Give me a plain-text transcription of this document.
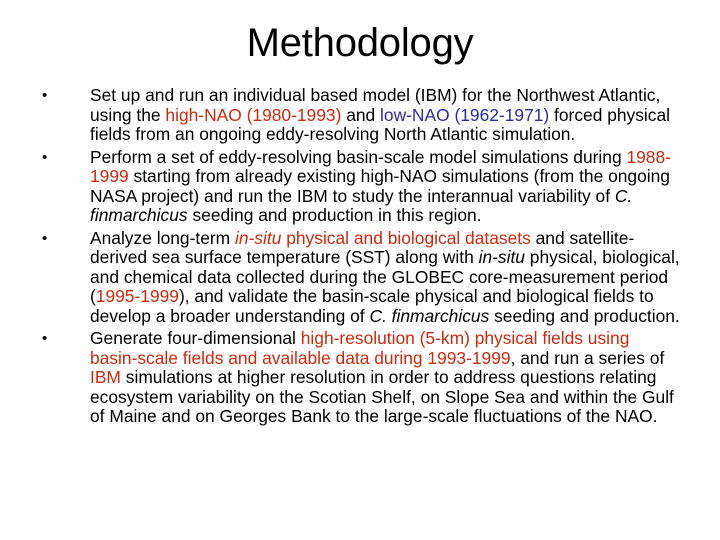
Methodology
• Set up and run an individual based model (IBM) for the Northwest Atlantic, using the high-NAO (1980-1993) and low-NAO (1962-1971) forced physical fields from an ongoing eddy-resolving North Atlantic simulation.
• Perform a set of eddy-resolving basin-scale model simulations during 1988-1999 starting from already existing high-NAO simulations (from the ongoing NASA project) and run the IBM to study the interannual variability of C. finmarchicus seeding and production in this region.
• Analyze long-term in-situ physical and biological datasets and satellite-derived sea surface temperature (SST) along with in-situ physical, biological, and chemical data collected during the GLOBEC core-measurement period (1995-1999), and validate the basin-scale physical and biological fields to develop a broader understanding of C. finmarchicus seeding and production.
• Generate four-dimensional high-resolution (5-km) physical fields using basin-scale fields and available data during 1993-1999, and run a series of IBM simulations at higher resolution in order to address questions relating ecosystem variability on the Scotian Shelf, on Slope Sea and within the Gulf of Maine and on Georges Bank to the large-scale fluctuations of the NAO.
